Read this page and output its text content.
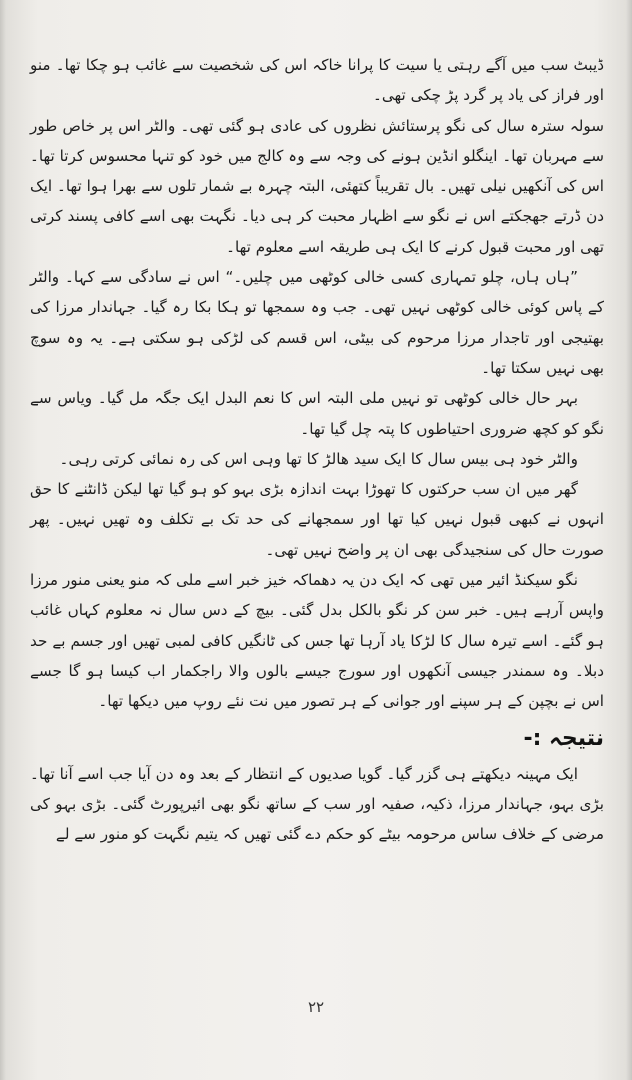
ڈیبٹ سب میں آگے رہتی یا سیت کا پرانا خاکہ اس کی شخصیت سے غائب ہو چکا تھا۔ منو اور فراز کی یاد پر گرد پڑ چکی تھی۔

سولہ سترہ سال کی نگو پرستائش نظروں کی عادی ہو گئی تھی۔ والٹر اس پر خاص طور سے مہربان تھا۔ اینگلو انڈین ہونے کی وجہ سے وہ کالج میں خود کو تنہا محسوس کرتا تھا۔ اس کی آنکھیں نیلی تھیں۔ بال تقریباً کتھئی، البتہ چہرہ بے شمار تلوں سے بھرا ہوا تھا۔ ایک دن ڈرتے جھجکتے اس نے نگو سے اظہار محبت کر ہی دیا۔ نگہت بھی اسے کافی پسند کرتی تھی اور محبت قبول کرنے کا ایک ہی طریقہ اسے معلوم تھا۔

”ہاں ہاں، چلو تمہاری کسی خالی کوٹھی میں چلیں۔“ اس نے سادگی سے کہا۔ والٹر کے پاس کوئی خالی کوٹھی نہیں تھی۔ جب وہ سمجھا تو ہکا بکا رہ گیا۔ جہاندار مرزا کی بھتیجی اور تاجدار مرزا مرحوم کی بیٹی، اس قسم کی لڑکی ہو سکتی ہے۔ یہ وہ سوچ بھی نہیں سکتا تھا۔

بہر حال خالی کوٹھی تو نہیں ملی البتہ اس کا نعم البدل ایک جگہ مل گیا۔ ویاس سے نگو کو کچھ ضروری احتیاطوں کا پتہ چل گیا تھا۔

والٹر خود ہی بیس سال کا ایک سید ھالڑ کا تھا وہی اس کی رہ نمائی کرتی رہی۔

گھر میں ان سب حرکتوں کا تھوڑا بہت اندازہ بڑی بہو کو ہو گیا تھا لیکن ڈانٹنے کا حق انہوں نے کبھی قبول نہیں کیا تھا اور سمجھانے کی حد تک بے تکلف وہ تھیں نہیں۔ پھر صورت حال کی سنجیدگی بھی ان پر واضح نہیں تھی۔

نگو سیکنڈ ائیر میں تھی کہ ایک دن یہ دھماکہ خیز خبر اسے ملی کہ منو یعنی منور مرزا واپس آرہے ہیں۔ خبر سن کر نگو بالکل بدل گئی۔ بیچ کے دس سال نہ معلوم کہاں غائب ہو گئے۔ اسے تیرہ سال کا لڑکا یاد آرہا تھا جس کی ٹانگیں کافی لمبی تھیں اور جسم بے حد دبلا۔ وہ سمندر جیسی آنکھوں اور سورج جیسے بالوں والا راجکمار اب کیسا ہو گا جسے اس نے بچپن کے ہر سپنے اور جوانی کے ہر تصور میں نت نئے روپ میں دیکھا تھا۔

نتیجہ :-

ایک مہینہ دیکھتے ہی گزر گیا۔ گویا صدیوں کے انتظار کے بعد وہ دن آیا جب اسے آنا تھا۔ بڑی بہو، جہاندار مرزا، ذکیہ، صفیہ اور سب کے ساتھ نگو بھی ائیرپورٹ گئی۔ بڑی بہو کی مرضی کے خلاف ساس مرحومہ بیٹے کو حکم دے گئی تھیں کہ یتیم نگہت کو منور سے لے

۲۲
